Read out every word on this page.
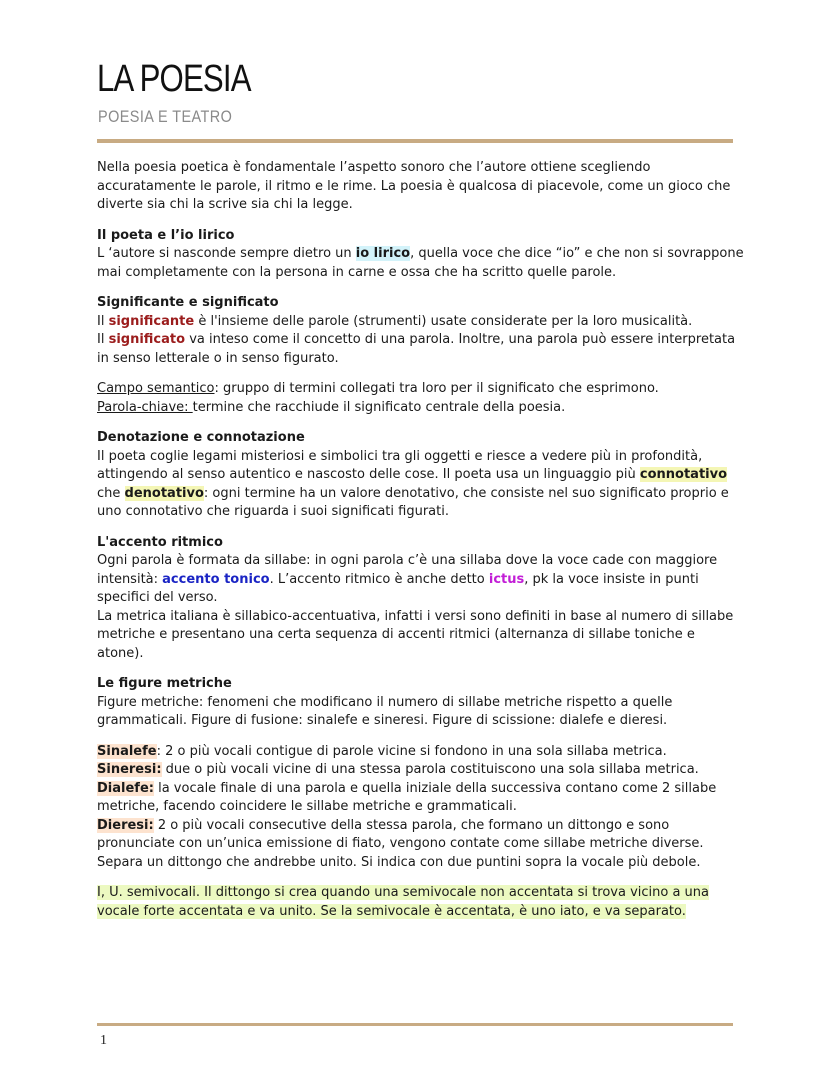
LA POESIA
POESIA E TEATRO

Nella poesia poetica è fondamentale l’aspetto sonoro che l’autore ottiene scegliendo accuratamente le parole, il ritmo e le rime. La poesia è qualcosa di piacevole, come un gioco che diverte sia chi la scrive sia chi la legge.

Il poeta e l’io lirico

L ‘autore si nasconde sempre dietro un io lirico, quella voce che dice “io” e che non si sovrappone mai completamente con la persona in carne e ossa che ha scritto quelle parole.

Significante e significato

Il significante è l'insieme delle parole (strumenti) usate considerate per la loro musicalità.

Il significato va inteso come il concetto di una parola. Inoltre, una parola può essere interpretata in senso letterale o in senso figurato.

Campo semantico: gruppo di termini collegati tra loro per il significato che esprimono.

Parola-chiave: termine che racchiude il significato centrale della poesia.

Denotazione e connotazione

Il poeta coglie legami misteriosi e simbolici tra gli oggetti e riesce a vedere più in profondità, attingendo al senso autentico e nascosto delle cose. Il poeta usa un linguaggio più connotativo che denotativo: ogni termine ha un valore denotativo, che consiste nel suo significato proprio e uno connotativo che riguarda i suoi significati figurati.

L'accento ritmico

Ogni parola è formata da sillabe: in ogni parola c’è una sillaba dove la voce cade con maggiore intensità: accento tonico. L’accento ritmico è anche detto ictus, pk la voce insiste in punti specifici del verso.

La metrica italiana è sillabico-accentuativa, infatti i versi sono definiti in base al numero di sillabe metriche e presentano una certa sequenza di accenti ritmici (alternanza di sillabe toniche e atone).

Le figure metriche

Figure metriche: fenomeni che modificano il numero di sillabe metriche rispetto a quelle grammaticali. Figure di fusione: sinalefe e sineresi. Figure di scissione: dialefe e dieresi.

Sinalefe: 2 o più vocali contigue di parole vicine si fondono in una sola sillaba metrica.

Sineresi: due o più vocali vicine di una stessa parola costituiscono una sola sillaba metrica.

Dialefe: la vocale finale di una parola e quella iniziale della successiva contano come 2 sillabe metriche, facendo coincidere le sillabe metriche e grammaticali.

Dieresi: 2 o più vocali consecutive della stessa parola, che formano un dittongo e sono pronunciate con un’unica emissione di fiato, vengono contate come sillabe metriche diverse. Separa un dittongo che andrebbe unito. Si indica con due puntini sopra la vocale più debole.

I, U. semivocali. Il dittongo si crea quando una semivocale non accentata si trova vicino a una vocale forte accentata e va unito. Se la semivocale è accentata, è uno iato, e va separato.

1
